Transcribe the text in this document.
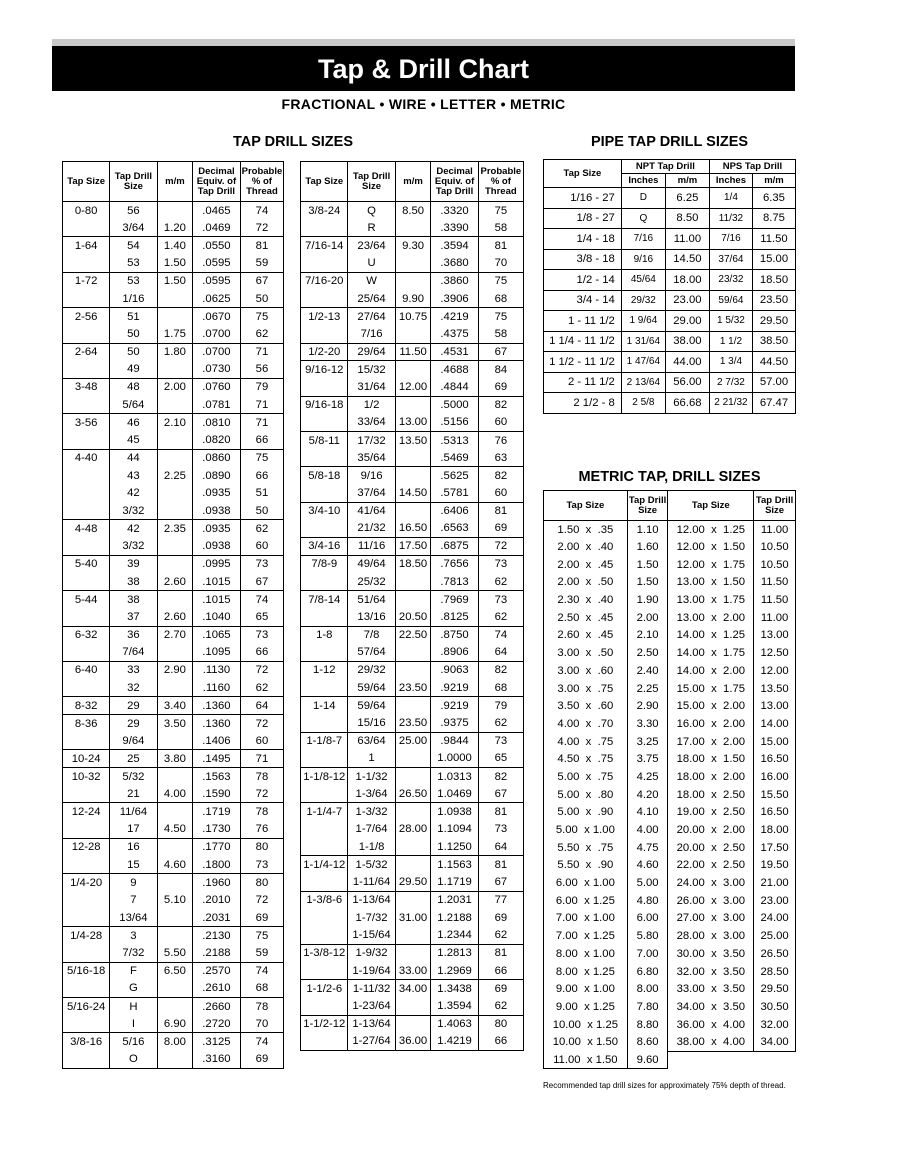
Tap & Drill Chart
FRACTIONAL • WIRE • LETTER • METRIC
TAP DRILL SIZES	PIPE TAP DRILL SIZES
METRIC TAP, DRILL SIZES
Tap Size	Tap Drill Size	m/m	Decimal Equiv. of Tap Drill	Probable % of Thread		Tap Size	Tap Drill Size	m/m	Decimal Equiv. of Tap Drill	Probable % of Thread
0-80	56		.0465	74		3/8-24	Q	8.50	.3320	75
	3/64	1.20	.0469	72			R		.3390	58
1-64	54	1.40	.0550	81		7/16-14	23/64	9.30	.3594	81
	53	1.50	.0595	59			U		.3680	70
1-72	53	1.50	.0595	67		7/16-20	W		.3860	75
	1/16		.0625	50			25/64	9.90	.3906	68
2-56	51		.0670	75		1/2-13	27/64	10.75	.4219	75
	50	1.75	.0700	62			7/16		.4375	58
2-64	50	1.80	.0700	71		1/2-20	29/64	11.50	.4531	67
	49		.0730	56		9/16-12	15/32		.4688	84
3-48	48	2.00	.0760	79			31/64	12.00	.4844	69
	5/64		.0781	71		9/16-18	1/2		.5000	82
3-56	46	2.10	.0810	71			33/64	13.00	.5156	60
	45		.0820	66		5/8-11	17/32	13.50	.5313	76
4-40	44		.0860	75			35/64		.5469	63
	43	2.25	.0890	66		5/8-18	9/16		.5625	82
	42		.0935	51			37/64	14.50	.5781	60
	3/32		.0938	50		3/4-10	41/64		.6406	81
4-48	42	2.35	.0935	62			21/32	16.50	.6563	69
	3/32		.0938	60		3/4-16	11/16	17.50	.6875	72
5-40	39		.0995	73		7/8-9	49/64	18.50	.7656	73
	38	2.60	.1015	67			25/32		.7813	62
5-44	38		.1015	74		7/8-14	51/64		.7969	73
	37	2.60	.1040	65			13/16	20.50	.8125	62
6-32	36	2.70	.1065	73		1-8	7/8	22.50	.8750	74
	7/64		.1095	66			57/64		.8906	64
6-40	33	2.90	.1130	72		1-12	29/32		.9063	82
	32		.1160	62			59/64	23.50	.9219	68
8-32	29	3.40	.1360	64		1-14	59/64		.9219	79
8-36	29	3.50	.1360	72			15/16	23.50	.9375	62
	9/64		.1406	60		1-1/8-7	63/64	25.00	.9844	73
10-24	25	3.80	.1495	71			1		1.0000	65
10-32	5/32		.1563	78		1-1/8-12	1-1/32		1.0313	82
	21	4.00	.1590	72			1-3/64	26.50	1.0469	67
12-24	11/64		.1719	78		1-1/4-7	1-3/32		1.0938	81
	17	4.50	.1730	76			1-7/64	28.00	1.1094	73
12-28	16		.1770	80			1-1/8		1.1250	64
	15	4.60	.1800	73		1-1/4-12	1-5/32		1.1563	81
1/4-20	9		.1960	80			1-11/64	29.50	1.1719	67
	7	5.10	.2010	72		1-3/8-6	1-13/64		1.2031	77
	13/64		.2031	69			1-7/32	31.00	1.2188	69
1/4-28	3		.2130	75			1-15/64		1.2344	62
	7/32	5.50	.2188	59		1-3/8-12	1-9/32		1.2813	81
5/16-18	F	6.50	.2570	74			1-19/64	33.00	1.2969	66
	G		.2610	68		1-1/2-6	1-11/32	34.00	1.3438	69
5/16-24	H		.2660	78			1-23/64		1.3594	62
	I	6.90	.2720	70		1-1/2-12	1-13/64		1.4063	80
3/8-16	5/16	8.00	.3125	74			1-27/64	36.00	1.4219	66
	O		.3160	69						
Tap Size	NPT Tap Drill		NPS Tap Drill	
	Inches	m/m	Inches	m/m
1/16 - 27	D	6.25	1/4	6.35
1/8 - 27	Q	8.50	11/32	8.75
1/4 - 18	7/16	11.00	7/16	11.50
3/8 - 18	9/16	14.50	37/64	15.00
1/2 - 14	45/64	18.00	23/32	18.50
3/4 - 14	29/32	23.00	59/64	23.50
1 - 11 1/2	1 9/64	29.00	1 5/32	29.50
1 1/4 - 11 1/2	1 31/64	38.00	1 1/2	38.50
1 1/2 - 11 1/2	1 47/64	44.00	1 3/4	44.50
2 - 11 1/2	2 13/64	56.00	2 7/32	57.00
2 1/2 - 8	2 5/8	66.68	2 21/32	67.47
Tap Size	Tap Drill Size	Tap Size	Tap Drill Size
1.50  x  .35	1.10	12.00  x  1.25	11.00
2.00  x  .40	1.60	12.00  x  1.50	10.50
2.00  x  .45	1.50	12.00  x  1.75	10.50
2.00  x  .50	1.50	13.00  x  1.50	11.50
2.30  x  .40	1.90	13.00  x  1.75	11.50
2.50  x  .45	2.00	13.00  x  2.00	11.00
2.60  x  .45	2.10	14.00  x  1.25	13.00
3.00  x  .50	2.50	14.00  x  1.75	12.50
3.00  x  .60	2.40	14.00  x  2.00	12.00
3.00  x  .75	2.25	15.00  x  1.75	13.50
3.50  x  .60	2.90	15.00  x  2.00	13.00
4.00  x  .70	3.30	16.00  x  2.00	14.00
4.00  x  .75	3.25	17.00  x  2.00	15.00
4.50  x  .75	3.75	18.00  x  1.50	16.50
5.00  x  .75	4.25	18.00  x  2.00	16.00
5.00  x  .80	4.20	18.00  x  2.50	15.50
5.00  x  .90	4.10	19.00  x  2.50	16.50
5.00  x 1.00	4.00	20.00  x  2.00	18.00
5.50  x  .75	4.75	20.00  x  2.50	17.50
5.50  x  .90	4.60	22.00  x  2.50	19.50
6.00  x 1.00	5.00	24.00  x  3.00	21.00
6.00  x 1.25	4.80	26.00  x  3.00	23.00
7.00  x 1.00	6.00	27.00  x  3.00	24.00
7.00  x 1.25	5.80	28.00  x  3.00	25.00
8.00  x 1.00	7.00	30.00  x  3.50	26.50
8.00  x 1.25	6.80	32.00  x  3.50	28.50
9.00  x 1.00	8.00	33.00  x  3.50	29.50
9.00  x 1.25	7.80	34.00  x  3.50	30.50
10.00  x 1.25	8.80	36.00  x  4.00	32.00
10.00  x 1.50	8.60	38.00  x  4.00	34.00
11.00  x 1.50	9.60		
Recommended tap drill sizes for approximately 75% depth of thread.
